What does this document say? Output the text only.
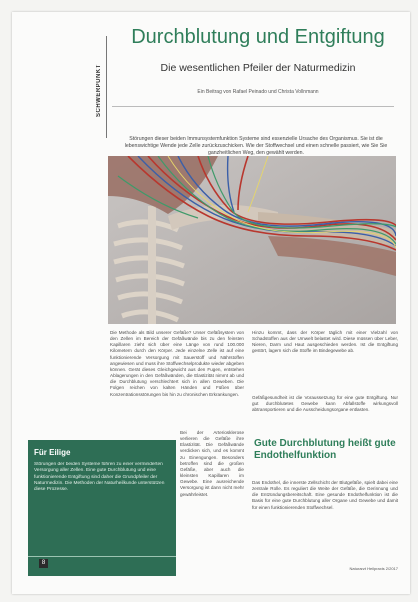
SCHWERPUNKT
Durchblutung und Entgiftung
Die wesentlichen Pfeiler der Naturmedizin
Ein Beitrag von Rafael Peinado und Christa Vollnmann
Störungen dieser beiden Immunsystemfunktion Systeme sind essenzielle Ursache des Organismus. Sie ist die lebenswichtige Wende jede Zelle zurückzuschicken. Wie der Stoffwechsel und einen schnelle passiert, wie Sie Sie ganzheitlichen Weg, den gewählt werden.
Die Methode als Bild unserer Gefäße? Unser Gefäßsystem von den Zellen im Bereich der Gefäßwände bis zu den feinsten Kapillaren zieht sich über eine Länge von rund 100.000 Kilometern durch den Körper. Jede einzelne Zelle ist auf eine funktionierende Versorgung mit Sauerstoff und Nährstoffen angewiesen und muss ihre Stoffwechselprodukte wieder abgeben können. Gerät dieses Gleichgewicht aus den Fugen, entstehen Ablagerungen in den Gefäßwänden, die Elastizität nimmt ab und die Durchblutung verschlechtert sich in allen Geweben. Die Folgen reichen von kalten Händen und Füßen über Konzentrationsstörungen bis hin zu chronischen Erkrankungen.
Bei der Arteriosklerose verlieren die Gefäße ihre Elastizität. Die Gefäßwände verdicken sich, und es kommt zu Einengungen. Besonders betroffen sind die großen Gefäße, aber auch die kleinsten Kapillaren im Gewebe. Eine ausreichende Versorgung ist dann nicht mehr gewährleistet.
Hinzu kommt, dass der Körper täglich mit einer Vielzahl von Schadstoffen aus der Umwelt belastet wird. Diese müssen über Leber, Nieren, Darm und Haut ausgeschieden werden. Ist die Entgiftung gestört, lagern sich die Stoffe im Bindegewebe ab.
Gefäßgesundheit ist die Voraussetzung für eine gute Entgiftung. Nur gut durchblutetes Gewebe kann Abfallstoffe wirkungsvoll abtransportieren und die Ausscheidungsorgane entlasten.
Gute Durchblutung heißt gute Endothelfunktion
Das Endothel, die innerste Zellschicht der Blutgefäße, spielt dabei eine zentrale Rolle. Es reguliert die Weite der Gefäße, die Gerinnung und die Entzündungsbereitschaft. Eine gesunde Endothelfunktion ist die Basis für eine gute Durchblutung aller Organe und Gewebe und damit für einen funktionierenden Stoffwechsel.
Für Eilige
Störungen der beiden Systeme führen zu einer verminderten Versorgung aller Zellen. Eine gute Durchblutung und eine funktionierende Entgiftung sind daher die Grundpfeiler der Naturmedizin. Die Methoden der Naturheilkunde unterstützen diese Prozesse.
8
Naturarzt Heilpraxis 2/2017
